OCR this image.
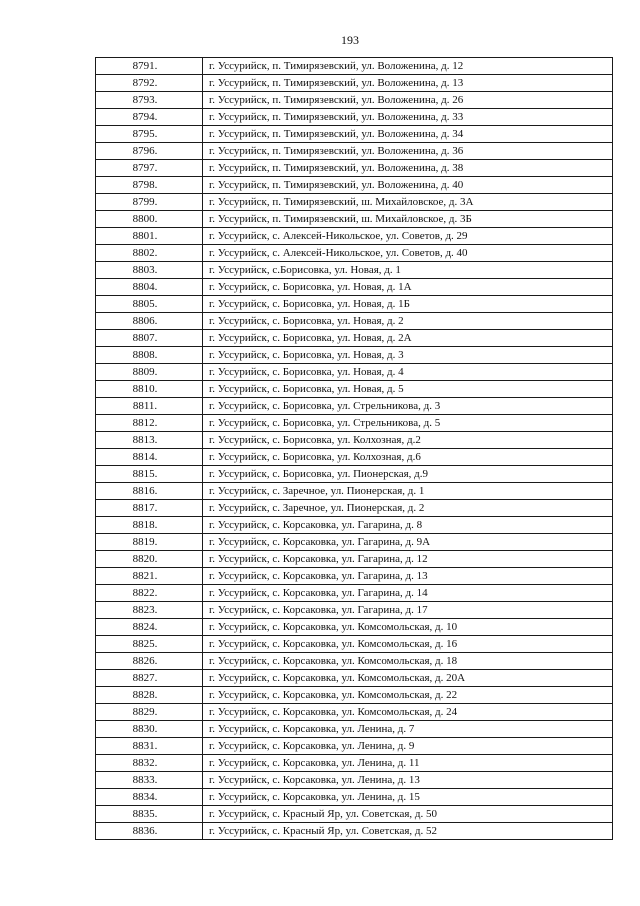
193
8791.	г. Уссурийск, п. Тимирязевский, ул. Воложенина, д. 12
8792.	г. Уссурийск, п. Тимирязевский, ул. Воложенина, д. 13
8793.	г. Уссурийск, п. Тимирязевский, ул. Воложенина, д. 26
8794.	г. Уссурийск, п. Тимирязевский, ул. Воложенина, д. 33
8795.	г. Уссурийск, п. Тимирязевский, ул. Воложенина, д. 34
8796.	г. Уссурийск, п. Тимирязевский, ул. Воложенина, д. 36
8797.	г. Уссурийск, п. Тимирязевский, ул. Воложенина, д. 38
8798.	г. Уссурийск, п. Тимирязевский, ул. Воложенина, д. 40
8799.	г. Уссурийск, п. Тимирязевский, ш. Михайловское, д. 3А
8800.	г. Уссурийск, п. Тимирязевский, ш. Михайловское, д. 3Б
8801.	г. Уссурийск, с. Алексей-Никольское, ул. Советов, д. 29
8802.	г. Уссурийск, с. Алексей-Никольское, ул. Советов, д. 40
8803.	г. Уссурийск, с.Борисовка, ул. Новая, д. 1
8804.	г. Уссурийск, с. Борисовка, ул. Новая, д. 1А
8805.	г. Уссурийск, с. Борисовка, ул. Новая, д. 1Б
8806.	г. Уссурийск, с. Борисовка, ул. Новая, д. 2
8807.	г. Уссурийск, с. Борисовка, ул. Новая, д. 2А
8808.	г. Уссурийск, с. Борисовка, ул. Новая, д. 3
8809.	г. Уссурийск, с. Борисовка, ул. Новая, д. 4
8810.	г. Уссурийск, с. Борисовка, ул. Новая, д. 5
8811.	г. Уссурийск, с. Борисовка, ул. Стрельникова, д. 3
8812.	г. Уссурийск, с. Борисовка, ул. Стрельникова, д. 5
8813.	г. Уссурийск, с. Борисовка, ул. Колхозная, д.2
8814.	г. Уссурийск, с. Борисовка, ул. Колхозная, д.6
8815.	г. Уссурийск, с. Борисовка, ул. Пионерская, д.9
8816.	г. Уссурийск, с. Заречное, ул. Пионерская, д. 1
8817.	г. Уссурийск, с. Заречное, ул. Пионерская, д. 2
8818.	г. Уссурийск, с. Корсаковка, ул. Гагарина, д. 8
8819.	г. Уссурийск, с. Корсаковка, ул. Гагарина, д. 9А
8820.	г. Уссурийск, с. Корсаковка, ул. Гагарина, д. 12
8821.	г. Уссурийск, с. Корсаковка, ул. Гагарина, д. 13
8822.	г. Уссурийск, с. Корсаковка, ул. Гагарина, д. 14
8823.	г. Уссурийск, с. Корсаковка, ул. Гагарина, д. 17
8824.	г. Уссурийск, с. Корсаковка, ул. Комсомольская, д. 10
8825.	г. Уссурийск, с. Корсаковка, ул. Комсомольская, д. 16
8826.	г. Уссурийск, с. Корсаковка, ул. Комсомольская, д. 18
8827.	г. Уссурийск, с. Корсаковка, ул. Комсомольская, д. 20А
8828.	г. Уссурийск, с. Корсаковка, ул. Комсомольская, д. 22
8829.	г. Уссурийск, с. Корсаковка, ул. Комсомольская, д. 24
8830.	г. Уссурийск, с. Корсаковка, ул. Ленина, д. 7
8831.	г. Уссурийск, с. Корсаковка, ул. Ленина, д. 9
8832.	г. Уссурийск, с. Корсаковка, ул. Ленина, д. 11
8833.	г. Уссурийск, с. Корсаковка, ул. Ленина, д. 13
8834.	г. Уссурийск, с. Корсаковка, ул. Ленина, д. 15
8835.	г. Уссурийск, с. Красный Яр, ул. Советская, д. 50
8836.	г. Уссурийск, с. Красный Яр, ул. Советская, д. 52
